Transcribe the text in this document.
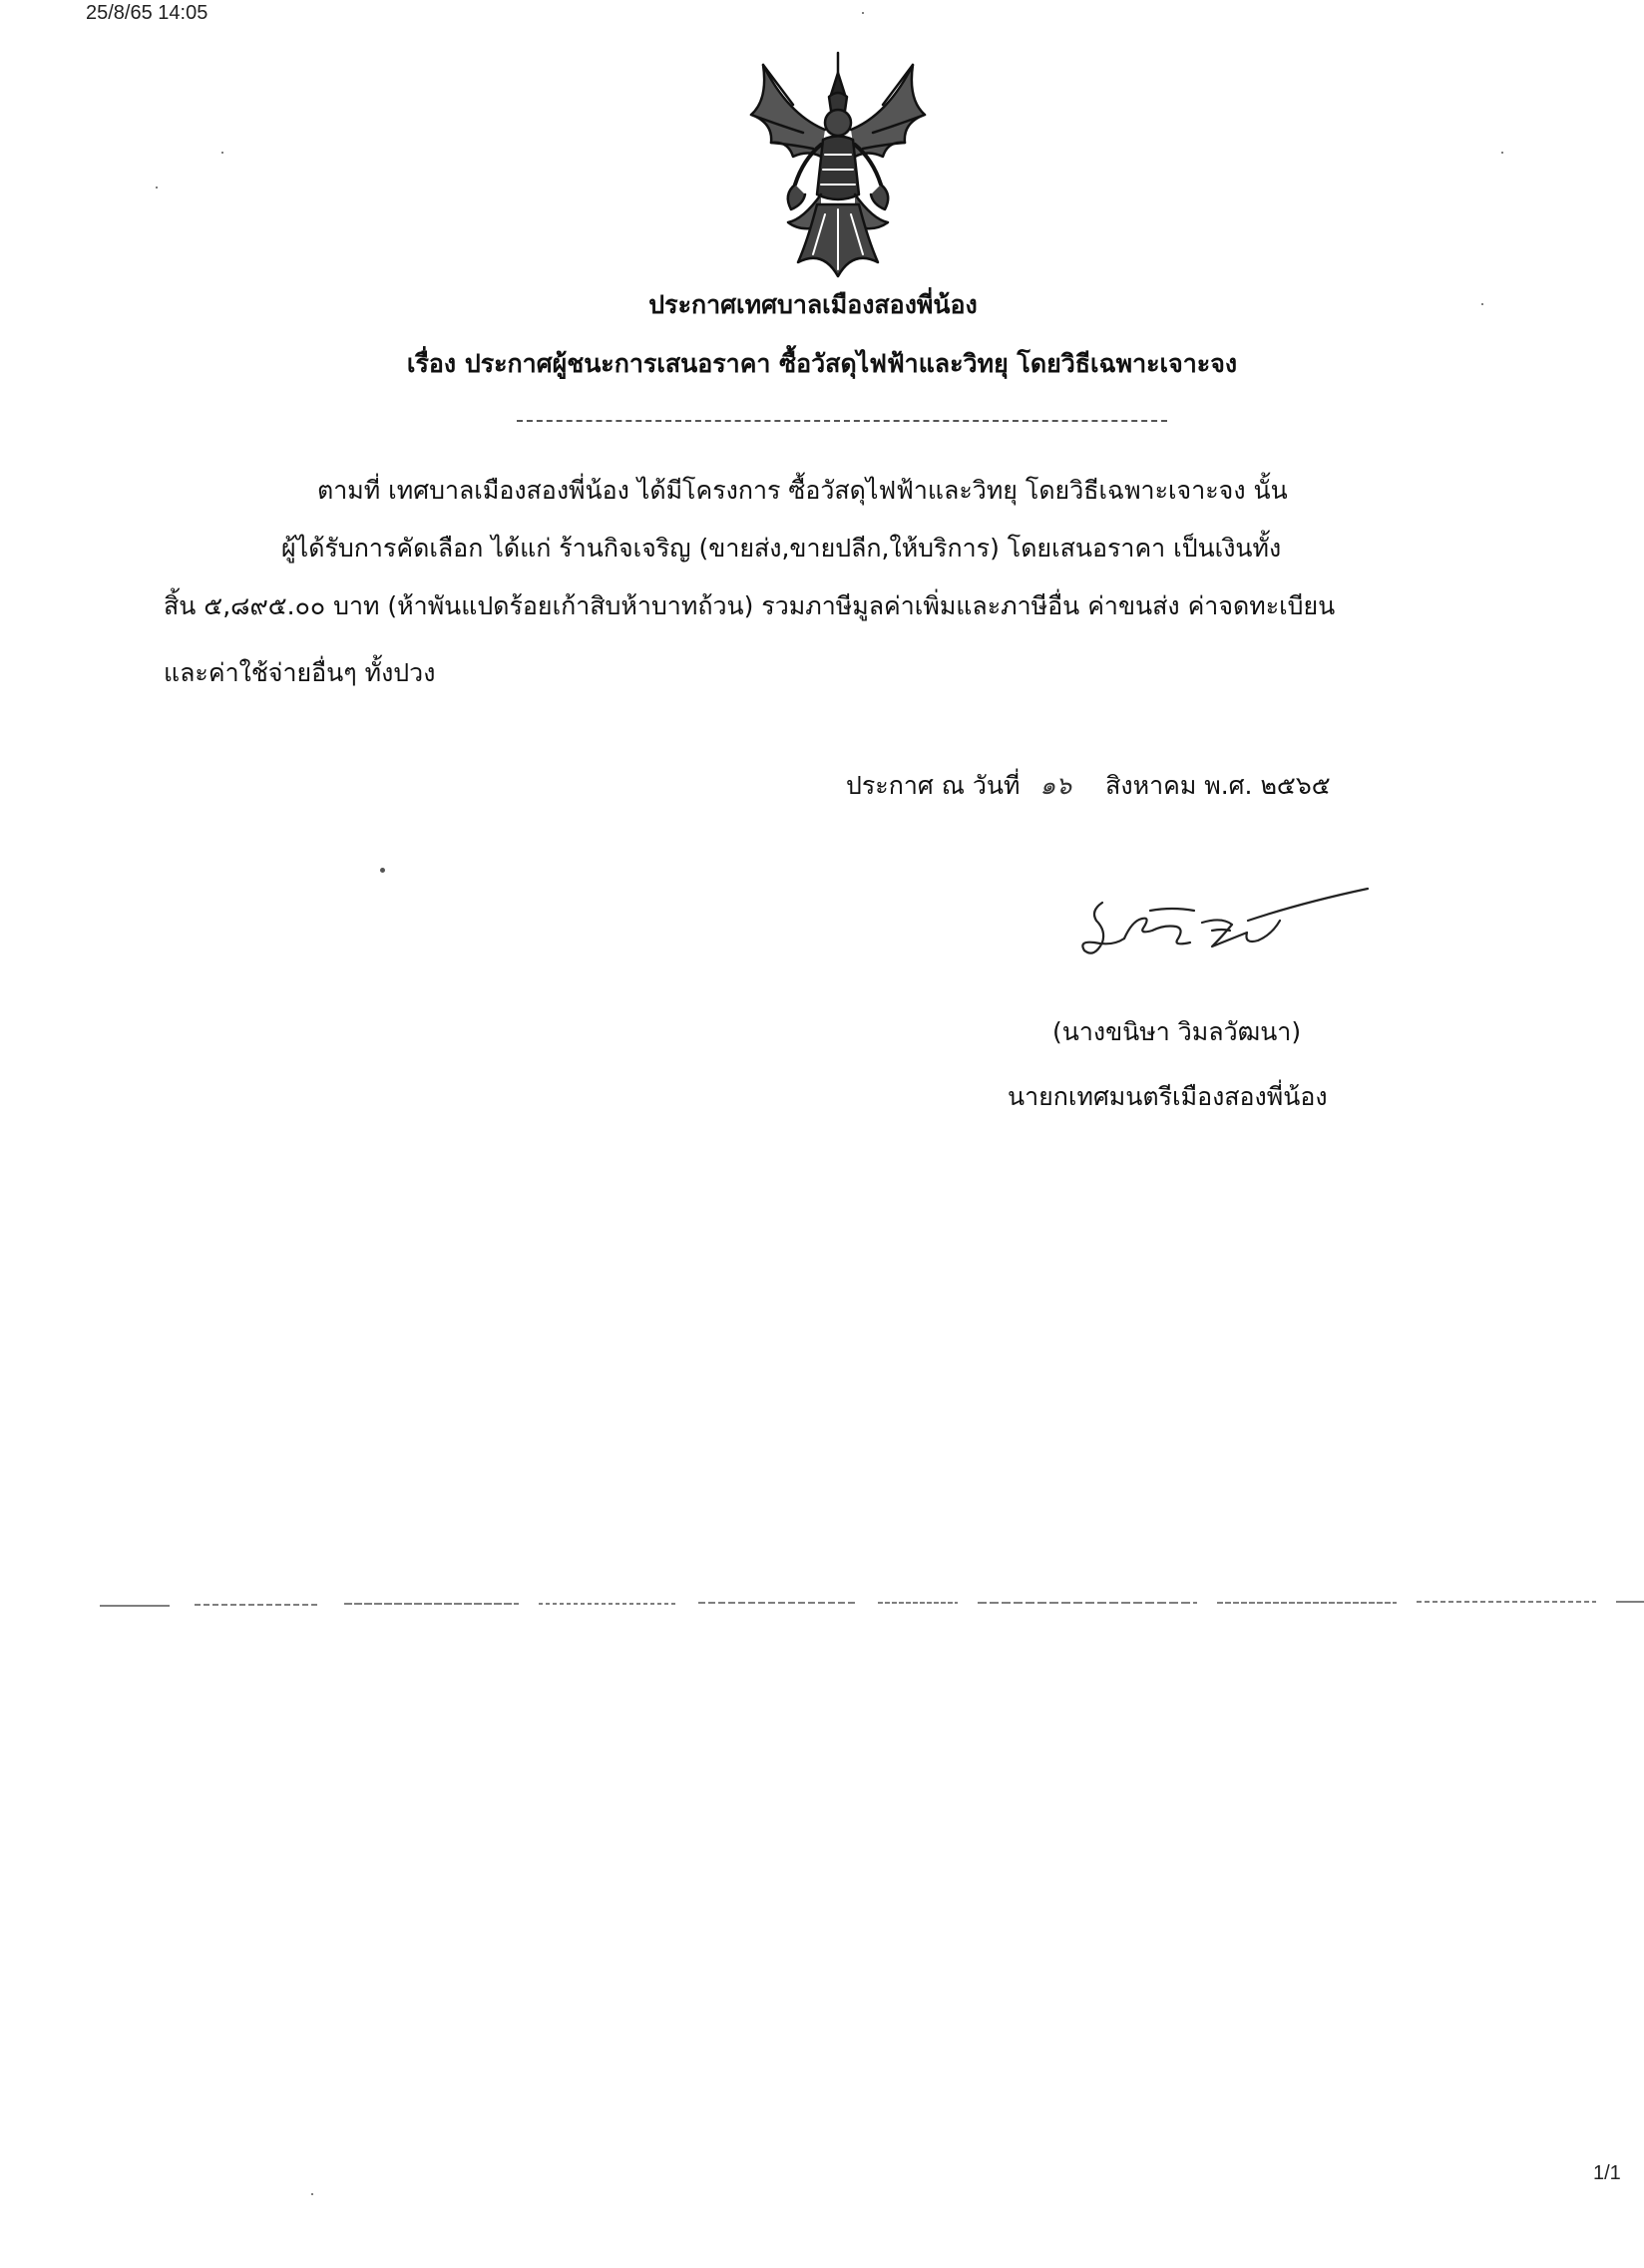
25/8/65 14:05
ประกาศเทศบาลเมืองสองพี่น้อง
เรื่อง ประกาศผู้ชนะการเสนอราคา ซื้อวัสดุไฟฟ้าและวิทยุ โดยวิธีเฉพาะเจาะจง
ตามที่ เทศบาลเมืองสองพี่น้อง ได้มีโครงการ ซื้อวัสดุไฟฟ้าและวิทยุ โดยวิธีเฉพาะเจาะจง นั้น
ผู้ได้รับการคัดเลือก ได้แก่ ร้านกิจเจริญ (ขายส่ง,ขายปลีก,ให้บริการ) โดยเสนอราคา เป็นเงินทั้ง
สิ้น ๕,๘๙๕.๐๐ บาท (ห้าพันแปดร้อยเก้าสิบห้าบาทถ้วน) รวมภาษีมูลค่าเพิ่มและภาษีอื่น ค่าขนส่ง ค่าจดทะเบียน
และค่าใช้จ่ายอื่นๆ ทั้งปวง
ประกาศ ณ วันที่ ๑๖ สิงหาคม พ.ศ. ๒๕๖๕
(นางขนิษา วิมลวัฒนา)
นายกเทศมนตรีเมืองสองพี่น้อง
1/1
